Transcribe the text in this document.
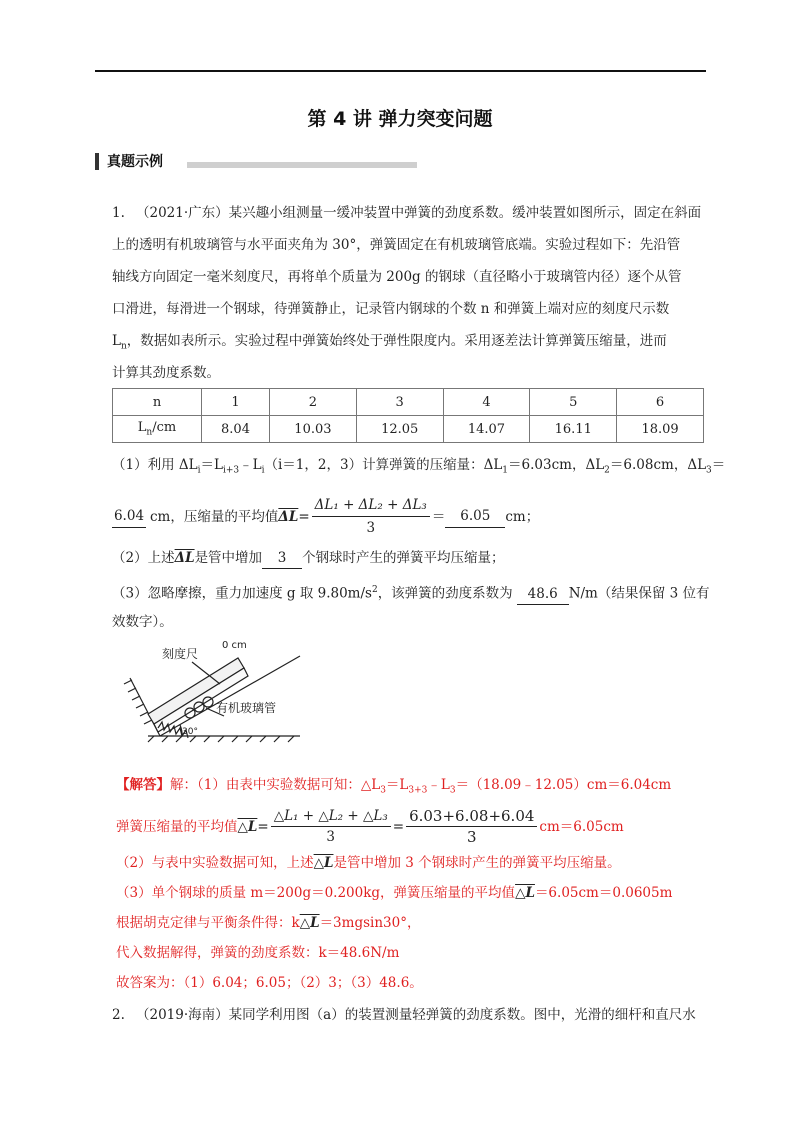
第 4 讲 弹力突变问题
真题示例
1. （2021·广东）某兴趣小组测量一缓冲装置中弹簧的劲度系数。缓冲装置如图所示，固定在斜面
上的透明有机玻璃管与水平面夹角为 30°，弹簧固定在有机玻璃管底端。实验过程如下：先沿管
轴线方向固定一毫米刻度尺，再将单个质量为 200g 的钢球（直径略小于玻璃管内径）逐个从管
口滑进，每滑进一个钢球，待弹簧静止，记录管内钢球的个数 n 和弹簧上端对应的刻度尺示数
$L_n$，数据如表所示。实验过程中弹簧始终处于弹性限度内。采用逐差法计算弹簧压缩量，进而
计算其劲度系数。
n	1	2	3	4	5	6
$L_n/cm$	8.04	10.03	12.05	14.07	16.11	18.09
（1）利用 $\Delta L_i=L_{i+3}﹣L_i(i=1$，2，3）计算弹簧的压缩量：$\Delta L_1=6.03cm$，$\Delta L_2=6.08cm$，$\Delta L_3=$
6.04 cm，压缩量的平均值 $\overline{\Delta L} = \frac{\text{ΔL₁ + ΔL₂ + ΔL₃}}{3}$ ＝	6.05	cm；
（2）上述$\overline{\Delta L}$是管中增加 3 个钢球时产生的弹簧平均压缩量；
（3）忽略摩擦，重力加速度 g 取 $9.80m/s^2$，该弹簧的劲度系数为 48.6 N/m（结果保留 3 位有
效数字）。
0 cm
刻度尺
有机玻璃管
30°
【解答】解：（1）由表中实验数据可知：$\triangle L_3=L_{3+3}﹣L_3=(18.09﹣12.05)cm=6.04cm$
弹簧压缩量的平均值 △L = $\frac{\text{△L₁ + △L₂ + △L₃}}{3} = \frac{6.03+6.08+6.04}{3} cm=6.05cm$
（2）与表中实验数据可知，上述△L是管中增加 3 个钢球时产生的弹簧平均压缩量。
（3）单个钢球的质量 m＝200g＝0.200kg，弹簧压缩量的平均值△L＝6.05cm＝0.0605m
根据胡克定律与平衡条件得：k△L＝3mgsin30°，
代入数据解得，弹簧的劲度系数：k＝48.6N/m
故答案为：（1）6.04；6.05；（2）3；（3）48.6。
2. （2019·海南）某同学利用图（a）的装置测量轻弹簧的劲度系数。图中，光滑的细杆和直尺水
